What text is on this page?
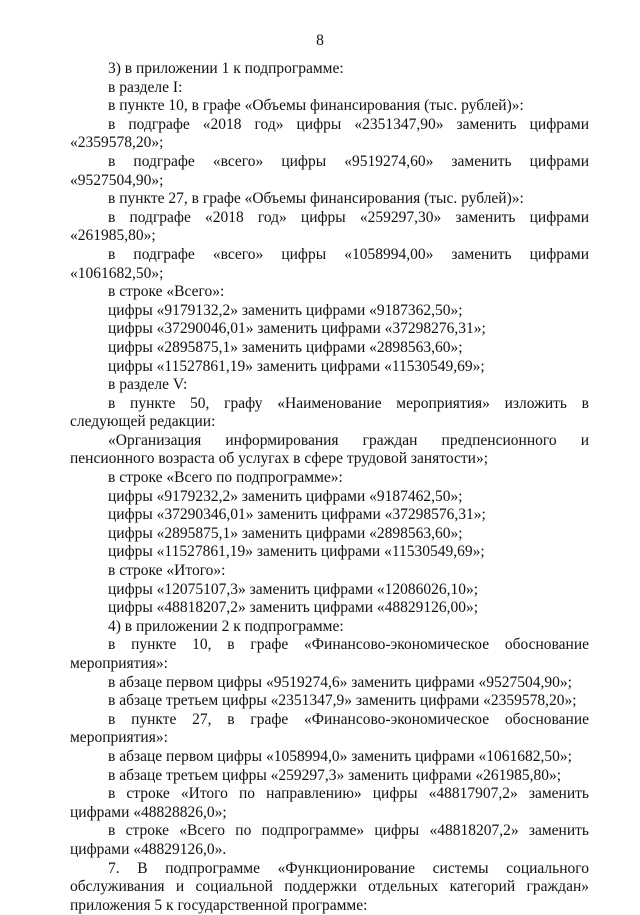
8

3) в приложении 1 к подпрограмме:

в разделе I:

в пункте 10, в графе «Объемы финансирования (тыс. рублей)»:

в подграфе «2018 год» цифры «2351347,90» заменить цифрами «2359578,20»;

в подграфе «всего» цифры «9519274,60» заменить цифрами «9527504,90»;

в пункте 27, в графе «Объемы финансирования (тыс. рублей)»:

в подграфе «2018 год» цифры «259297,30» заменить цифрами «261985,80»;

в подграфе «всего» цифры «1058994,00» заменить цифрами «1061682,50»;

в строке «Всего»:

цифры «9179132,2» заменить цифрами «9187362,50»;

цифры «37290046,01» заменить цифрами «37298276,31»;

цифры «2895875,1» заменить цифрами «2898563,60»;

цифры «11527861,19» заменить цифрами «11530549,69»;

в разделе V:

в пункте 50, графу «Наименование мероприятия» изложить в следующей редакции:

«Организация информирования граждан предпенсионного и пенсионного возраста об услугах в сфере трудовой занятости»;

в строке «Всего по подпрограмме»:

цифры «9179232,2» заменить цифрами «9187462,50»;

цифры «37290346,01» заменить цифрами «37298576,31»;

цифры «2895875,1» заменить цифрами «2898563,60»;

цифры «11527861,19» заменить цифрами «11530549,69»;

в строке «Итого»:

цифры «12075107,3» заменить цифрами «12086026,10»;

цифры «48818207,2» заменить цифрами «48829126,00»;

4) в приложении 2 к подпрограмме:

в пункте 10, в графе «Финансово-экономическое обоснование мероприятия»:

в абзаце первом цифры «9519274,6» заменить цифрами «9527504,90»;

в абзаце третьем цифры «2351347,9» заменить цифрами «2359578,20»;

в пункте 27, в графе «Финансово-экономическое обоснование мероприятия»:

в абзаце первом цифры «1058994,0» заменить цифрами «1061682,50»;

в абзаце третьем цифры «259297,3» заменить цифрами «261985,80»;

в строке «Итого по направлению» цифры «48817907,2» заменить цифрами «48828826,0»;

в строке «Всего по подпрограмме» цифры «48818207,2» заменить цифрами «48829126,0».

7. В подпрограмме «Функционирование системы социального обслуживания и социальной поддержки отдельных категорий граждан» приложения 5 к государственной программе:
